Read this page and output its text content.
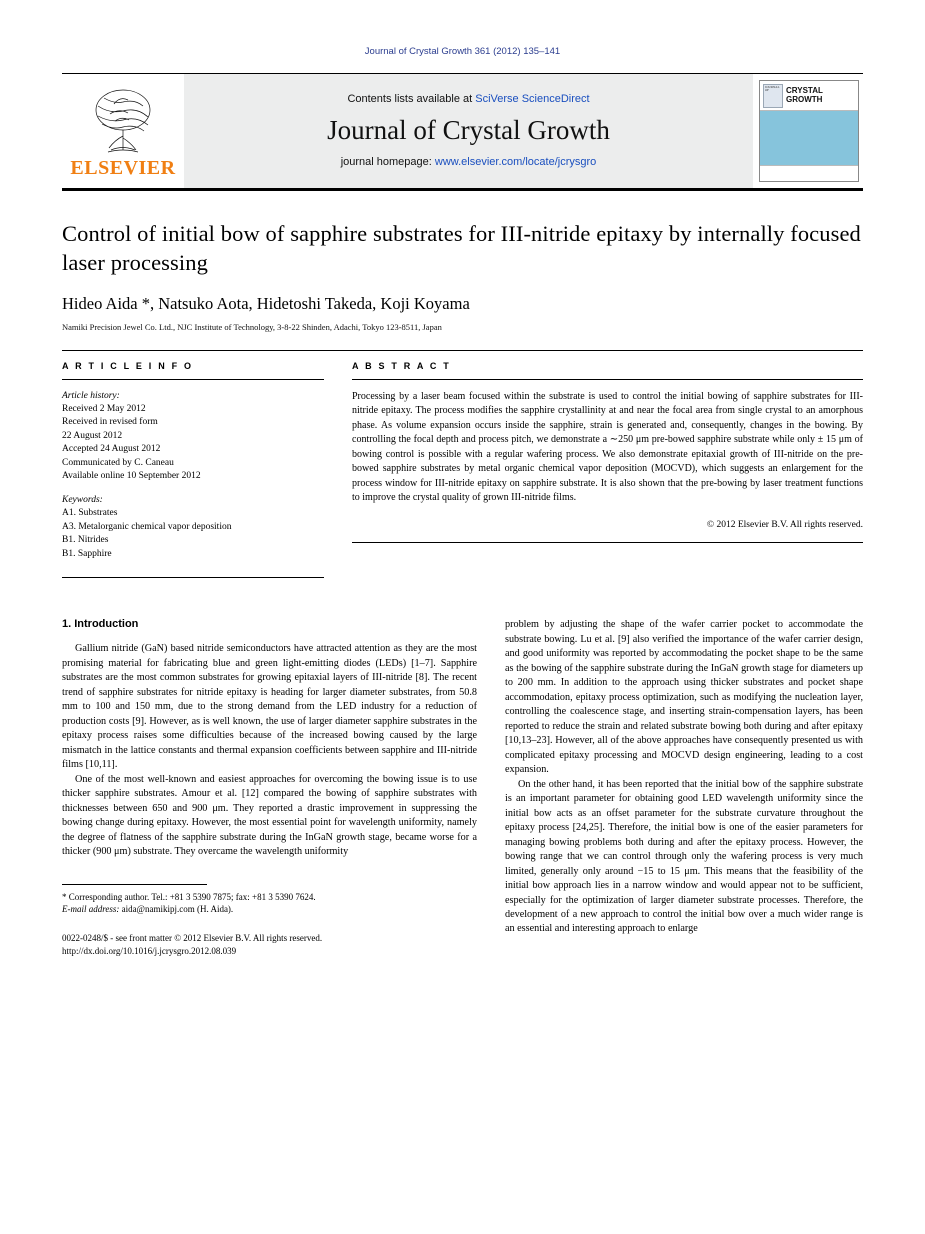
Journal of Crystal Growth 361 (2012) 135–141
ELSEVIER
Contents lists available at SciVerse ScienceDirect
Journal of Crystal Growth
journal homepage: www.elsevier.com/locate/jcrysgro
JOURNAL OF	CRYSTAL
GROWTH
Control of initial bow of sapphire substrates for III-nitride epitaxy by internally focused laser processing
Hideo Aida *, Natsuko Aota, Hidetoshi Takeda, Koji Koyama
Namiki Precision Jewel Co. Ltd., NJC Institute of Technology, 3-8-22 Shinden, Adachi, Tokyo 123-8511, Japan
A R T I C L E I N F O

Article history:
Received 2 May 2012
Received in revised form
22 August 2012
Accepted 24 August 2012
Communicated by C. Caneau
Available online 10 September 2012

Keywords:
A1. Substrates
A3. Metalorganic chemical vapor deposition
B1. Nitrides
B1. Sapphire

A B S T R A C T

Processing by a laser beam focused within the substrate is used to control the initial bowing of sapphire substrates for III-nitride epitaxy. The process modifies the sapphire crystallinity at and near the focal area from single crystal to an amorphous phase. As volume expansion occurs inside the sapphire, strain is generated and, consequently, changes in the bowing. By controlling the focal depth and process pitch, we demonstrate a ∼250 μm pre-bowed sapphire substrate while only ± 15 μm of bowing control is possible with a regular wafering process. We also demonstrate epitaxial growth of III-nitride on the pre-bowed sapphire substrates by metal organic chemical vapor deposition (MOCVD), which suggests an enlargement for the process window for III-nitride epitaxy on sapphire substrate. It is also shown that the pre-bowing by laser treatment functions to improve the crystal quality of grown III-nitride films.

© 2012 Elsevier B.V. All rights reserved.
1. Introduction

Gallium nitride (GaN) based nitride semiconductors have attracted attention as they are the most promising material for fabricating blue and green light-emitting diodes (LEDs) [1–7]. Sapphire substrates are the most common substrates for growing epitaxial layers of III-nitride [8]. The recent trend of sapphire substrates for nitride epitaxy is heading for larger diameter substrates, from 50.8 mm to 100 and 150 mm, due to the strong demand from the LED industry for a reduction of production costs [9]. However, as is well known, the use of larger diameter sapphire substrates in the epitaxy process raises some difficulties because of the increased bowing caused by the large mismatch in the lattice constants and thermal expansion coefficients between sapphire and III-nitride films [10,11].

One of the most well-known and easiest approaches for overcoming the bowing issue is to use thicker sapphire substrates. Amour et al. [12] compared the bowing of sapphire substrates with thicknesses between 650 and 900 μm. They reported a drastic improvement in suppressing the bowing change during epitaxy. However, the most essential point for wavelength uniformity, namely the degree of flatness of the sapphire substrate during the InGaN growth stage, became worse for a thicker (900 μm) substrate. They overcame the wavelength uniformity

* Corresponding author. Tel.: +81 3 5390 7875; fax: +81 3 5390 7624.
E-mail address: aida@namikipj.com (H. Aida).
0022-0248/$ - see front matter © 2012 Elsevier B.V. All rights reserved.
http://dx.doi.org/10.1016/j.jcrysgro.2012.08.039

problem by adjusting the shape of the wafer carrier pocket to accommodate the substrate bowing. Lu et al. [9] also verified the importance of the wafer carrier design, and good uniformity was reported by accommodating the pocket shape to be the same as the bowing of the sapphire substrate during the InGaN growth stage for diameters up to 200 mm. In addition to the approach using thicker substrates and pocket shape accommodation, epitaxy process optimization, such as modifying the nucleation layer, controlling the coalescence stage, and inserting strain-compensation layers, has been reported to reduce the strain and related substrate bowing both during and after epitaxy [10,13–23]. However, all of the above approaches have consequently presented us with complicated epitaxy processing and MOCVD design engineering, leading to a cost expansion.

On the other hand, it has been reported that the initial bow of the sapphire substrate is an important parameter for obtaining good LED wavelength uniformity since the initial bow acts as an offset parameter for the substrate curvature throughout the epitaxy process [24,25]. Therefore, the initial bow is one of the easier parameters for managing bowing problems both during and after the epitaxy process. However, the bowing range that we can control through only the wafering process is very much limited, generally only around −15 to 15 μm. This means that the feasibility of the initial bow approach lies in a narrow window and would appear not to be sufficient, especially for the optimization of larger diameter substrate processes. Therefore, the development of a new approach to control the initial bow over a much wider range is an essential and interesting approach to enlarge
